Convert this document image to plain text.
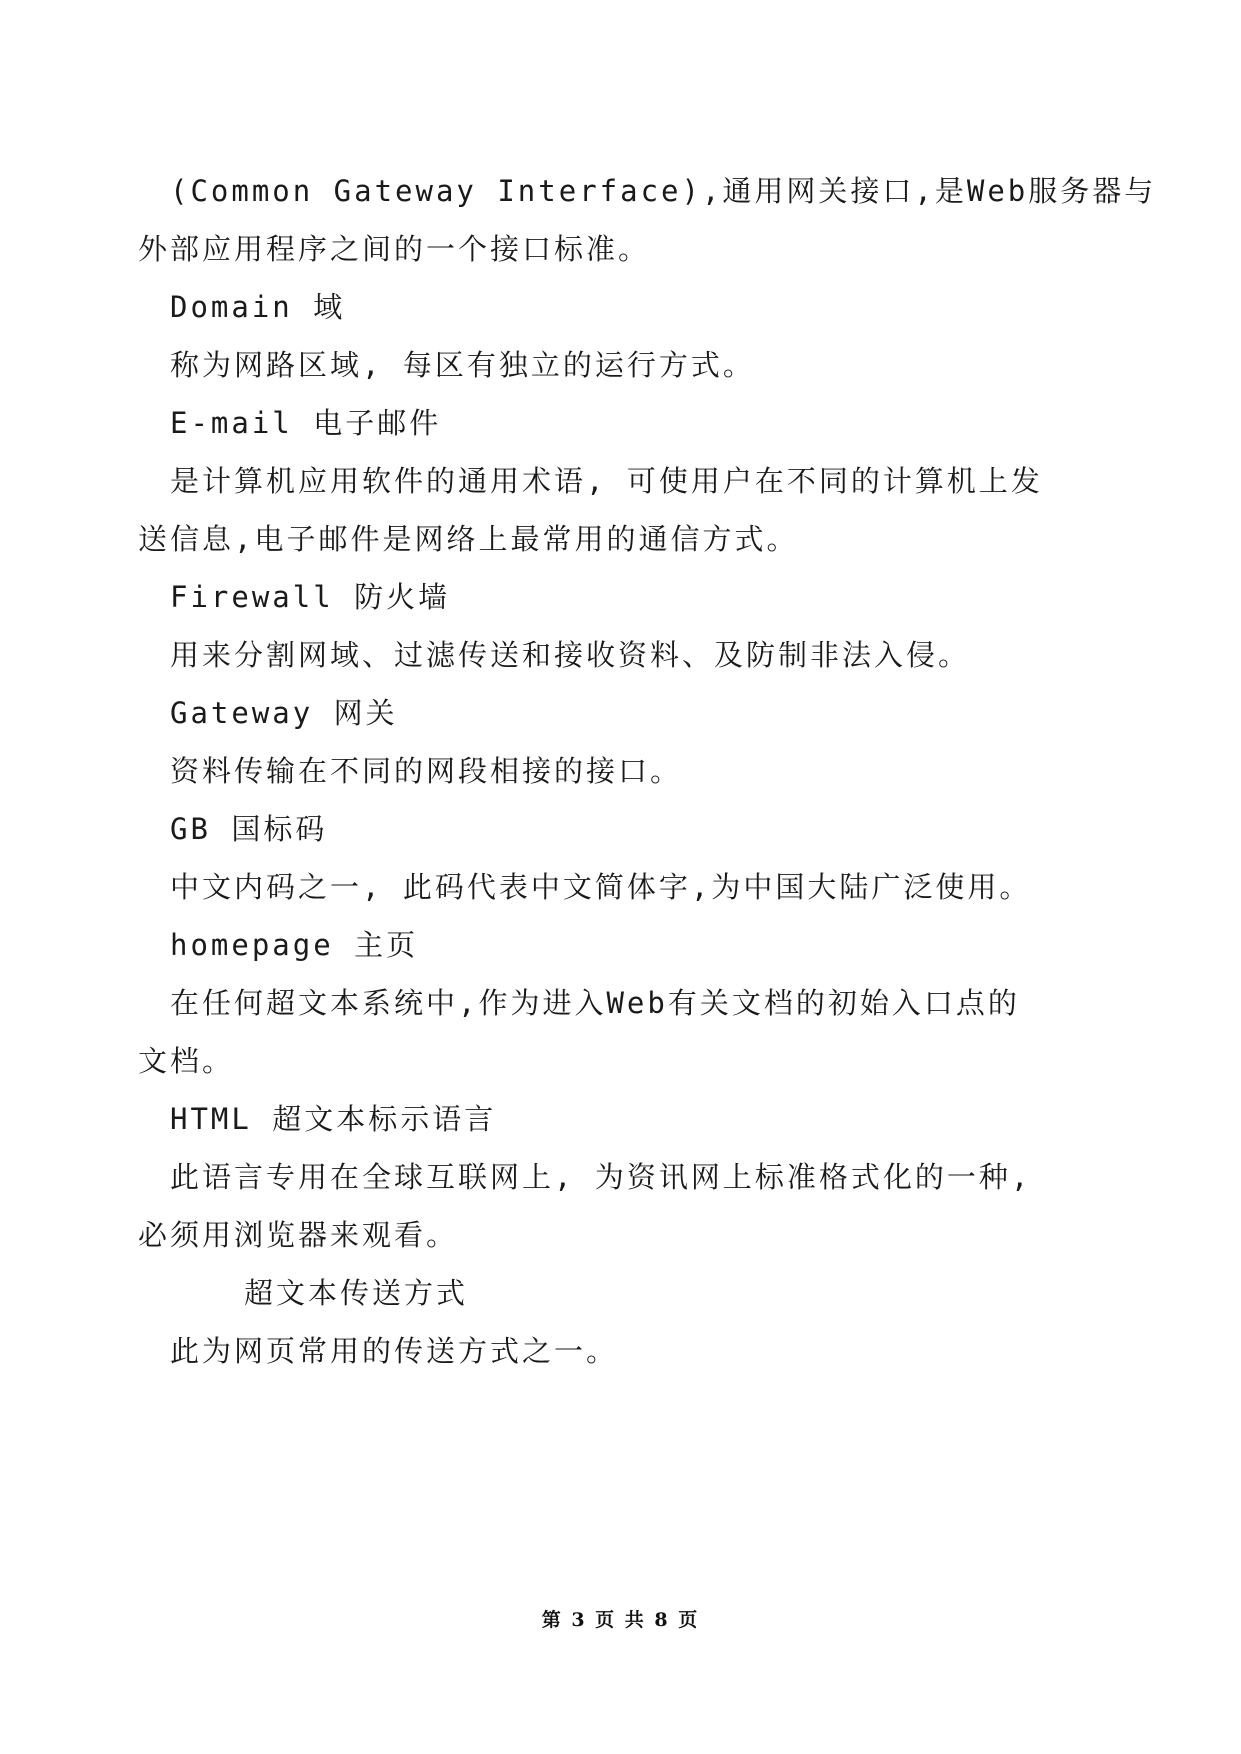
(Common Gateway Interface),通用网关接口,是Web服务器与
外部应用程序之间的一个接口标准。
Domain 域
称为网路区域, 每区有独立的运行方式。
E-mail 电子邮件
是计算机应用软件的通用术语, 可使用户在不同的计算机上发
送信息,电子邮件是网络上最常用的通信方式。
Firewall 防火墙
用来分割网域、过滤传送和接收资料、及防制非法入侵。
Gateway 网关
资料传输在不同的网段相接的接口。
GB 国标码
中文内码之一, 此码代表中文简体字,为中国大陆广泛使用。
homepage 主页
在任何超文本系统中,作为进入Web有关文档的初始入口点的
文档。
HTML 超文本标示语言
此语言专用在全球互联网上, 为资讯网上标准格式化的一种,
必须用浏览器来观看。
超文本传送方式
此为网页常用的传送方式之一。
第 3 页 共 8 页
